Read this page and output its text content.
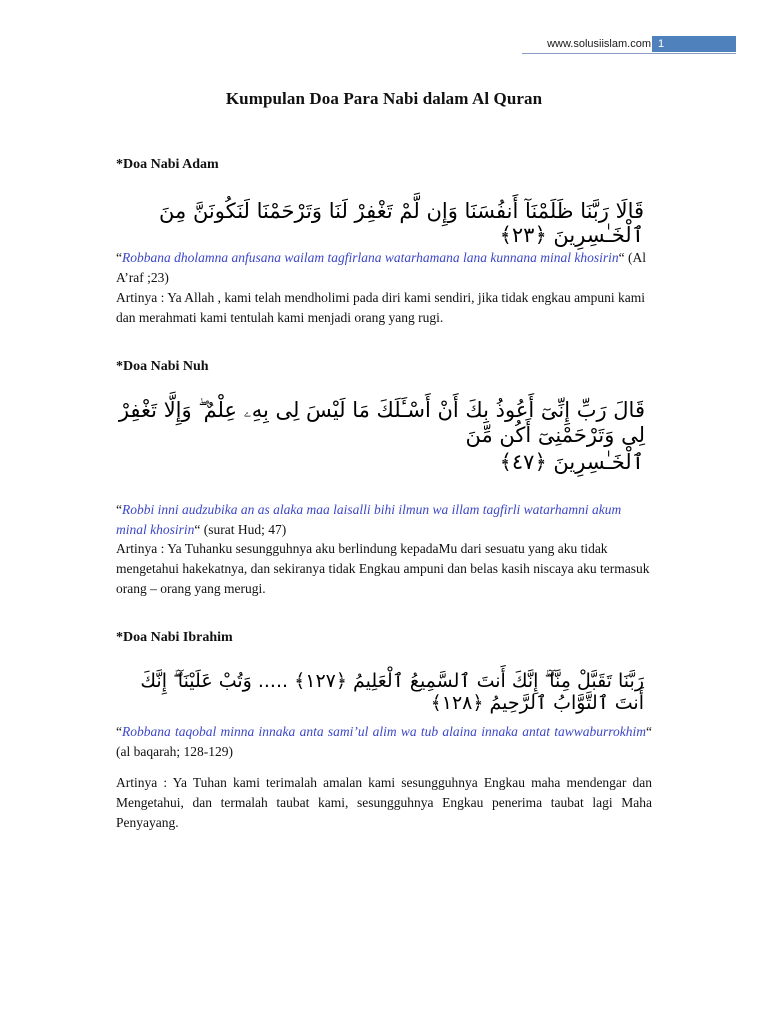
www.solusiislam.com 1
Kumpulan Doa Para Nabi dalam Al Quran
*Doa Nabi Adam
قَالَا رَبَّنَا ظَلَمْنَآ أَنفُسَنَا وَإِن لَّمْ تَغْفِرْ لَنَا وَتَرْحَمْنَا لَنَكُونَنَّ مِنَ ٱلْخَـٰسِرِينَ ﴿٢٣﴾
“Robbana dholamna anfusana wailam tagfirlana watarhamana lana kunnana minal khosirin“ (Al A’raf ;23)
Artinya : Ya Allah , kami telah mendholimi pada diri kami sendiri, jika tidak engkau ampuni kami dan merahmati kami tentulah kami menjadi orang yang rugi.
*Doa Nabi Nuh
قَالَ رَبِّ إِنِّىٓ أَعُوذُ بِكَ أَنْ أَسْـَٔلَكَ مَا لَيْسَ لِى بِهِۦ عِلْمٌ ۖ وَإِلَّا تَغْفِرْ لِى وَتَرْحَمْنِىٓ أَكُن مِّنَ
ٱلْخَـٰسِرِينَ ﴿٤٧﴾
“Robbi inni audzubika an as alaka maa laisalli bihi ilmun wa illam tagfirli watarhamni akum minal khosirin“ (surat Hud; 47)
Artinya : Ya Tuhanku sesungguhnya aku berlindung kepadaMu dari sesuatu yang aku tidak mengetahui hakekatnya, dan sekiranya tidak Engkau ampuni dan belas kasih niscaya aku termasuk orang – orang yang merugi.
*Doa Nabi Ibrahim
رَبَّنَا تَقَبَّلْ مِنَّآ ۖ إِنَّكَ أَنتَ ٱلسَّمِيعُ ٱلْعَلِيمُ ﴿١٢٧﴾ ..... وَتُبْ عَلَيْنَآ ۖ إِنَّكَ أَنتَ ٱلتَّوَّابُ ٱلرَّحِيمُ ﴿١٢٨﴾
“Robbana taqobal minna innaka anta sami’ul alim wa tub alaina innaka antat tawwaburrokhim“ (al baqarah; 128-129)
Artinya : Ya Tuhan kami terimalah amalan kami sesungguhnya Engkau maha mendengar dan Mengetahui, dan termalah taubat kami, sesungguhnya Engkau penerima taubat lagi Maha Penyayang.
